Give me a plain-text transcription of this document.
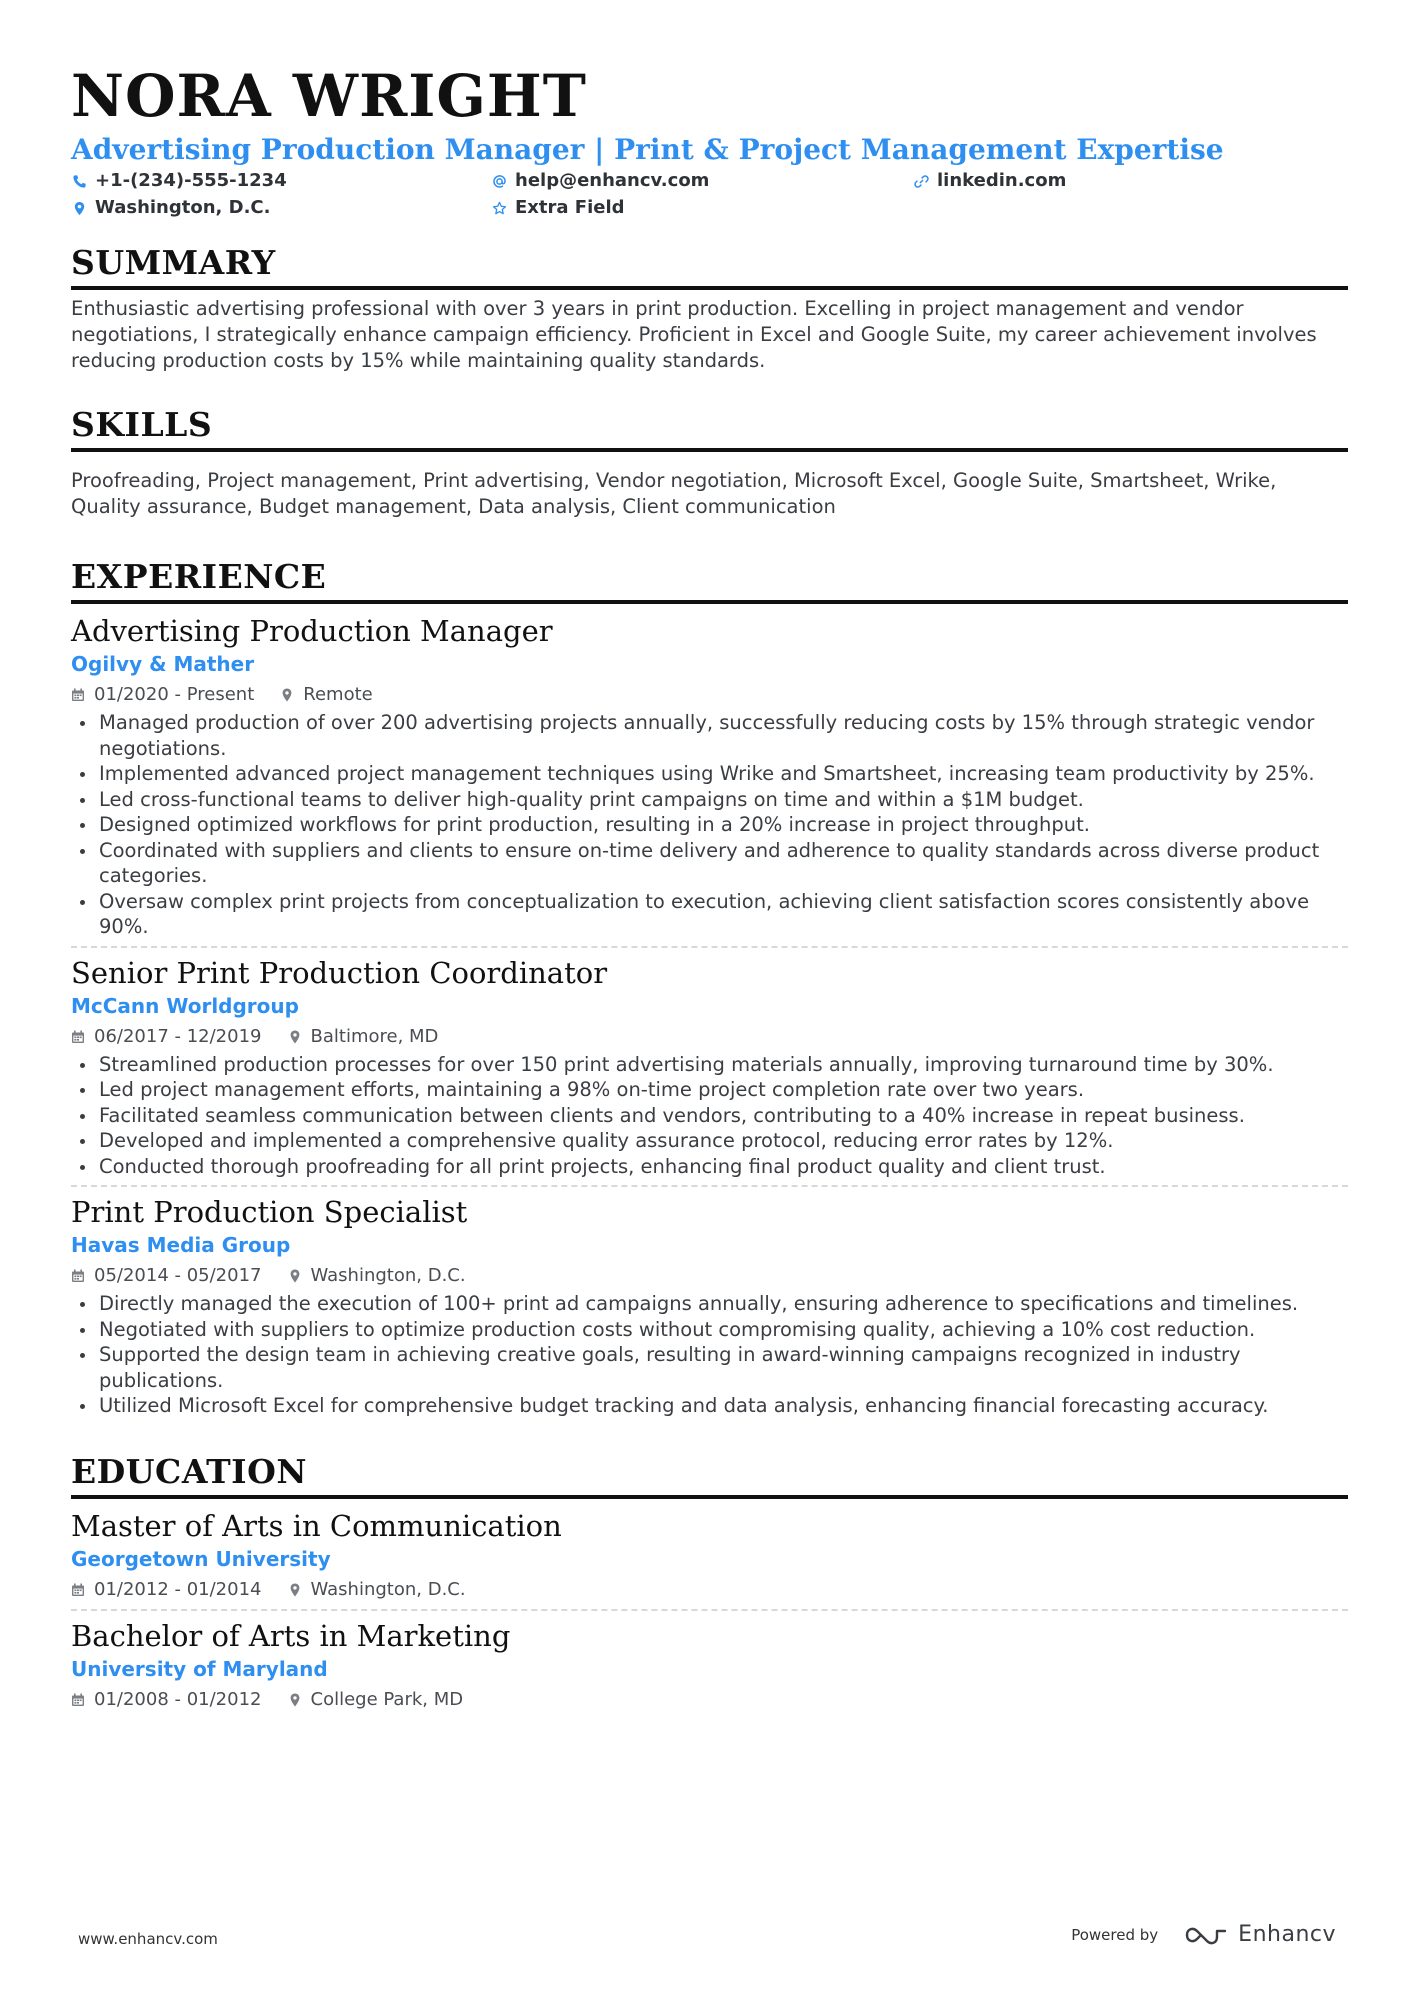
NORA WRIGHT
Advertising Production Manager | Print & Project Management Expertise
+1-(234)-555-1234	help@enhancv.com	linkedin.com
Washington, D.C.	Extra Field
SUMMARY

Enthusiastic advertising professional with over 3 years in print production. Excelling in project management and vendor negotiations, I strategically enhance campaign efficiency. Proficient in Excel and Google Suite, my career achievement involves reducing production costs by 15% while maintaining quality standards.

SKILLS

Proofreading, Project management, Print advertising, Vendor negotiation, Microsoft Excel, Google Suite, Smartsheet, Wrike, Quality assurance, Budget management, Data analysis, Client communication

EXPERIENCE
Advertising Production Manager
Ogilvy & Mather
01/2020 - Present	Remote
Managed production of over 200 advertising projects annually, successfully reducing costs by 15% through strategic vendor negotiations.
Implemented advanced project management techniques using Wrike and Smartsheet, increasing team productivity by 25%.
Led cross-functional teams to deliver high-quality print campaigns on time and within a $1M budget.
Designed optimized workflows for print production, resulting in a 20% increase in project throughput.
Coordinated with suppliers and clients to ensure on-time delivery and adherence to quality standards across diverse product categories.
Oversaw complex print projects from conceptualization to execution, achieving client satisfaction scores consistently above 90%.
Senior Print Production Coordinator
McCann Worldgroup
06/2017 - 12/2019	Baltimore, MD
Streamlined production processes for over 150 print advertising materials annually, improving turnaround time by 30%.
Led project management efforts, maintaining a 98% on-time project completion rate over two years.
Facilitated seamless communication between clients and vendors, contributing to a 40% increase in repeat business.
Developed and implemented a comprehensive quality assurance protocol, reducing error rates by 12%.
Conducted thorough proofreading for all print projects, enhancing final product quality and client trust.
Print Production Specialist
Havas Media Group
05/2014 - 05/2017	Washington, D.C.
Directly managed the execution of 100+ print ad campaigns annually, ensuring adherence to specifications and timelines.
Negotiated with suppliers to optimize production costs without compromising quality, achieving a 10% cost reduction.
Supported the design team in achieving creative goals, resulting in award-winning campaigns recognized in industry publications.
Utilized Microsoft Excel for comprehensive budget tracking and data analysis, enhancing financial forecasting accuracy.
EDUCATION
Master of Arts in Communication
Georgetown University
01/2012 - 01/2014	Washington, D.C.
Bachelor of Arts in Marketing
University of Maryland
01/2008 - 01/2012	College Park, MD
www.enhancv.com	Powered by	Enhancv
